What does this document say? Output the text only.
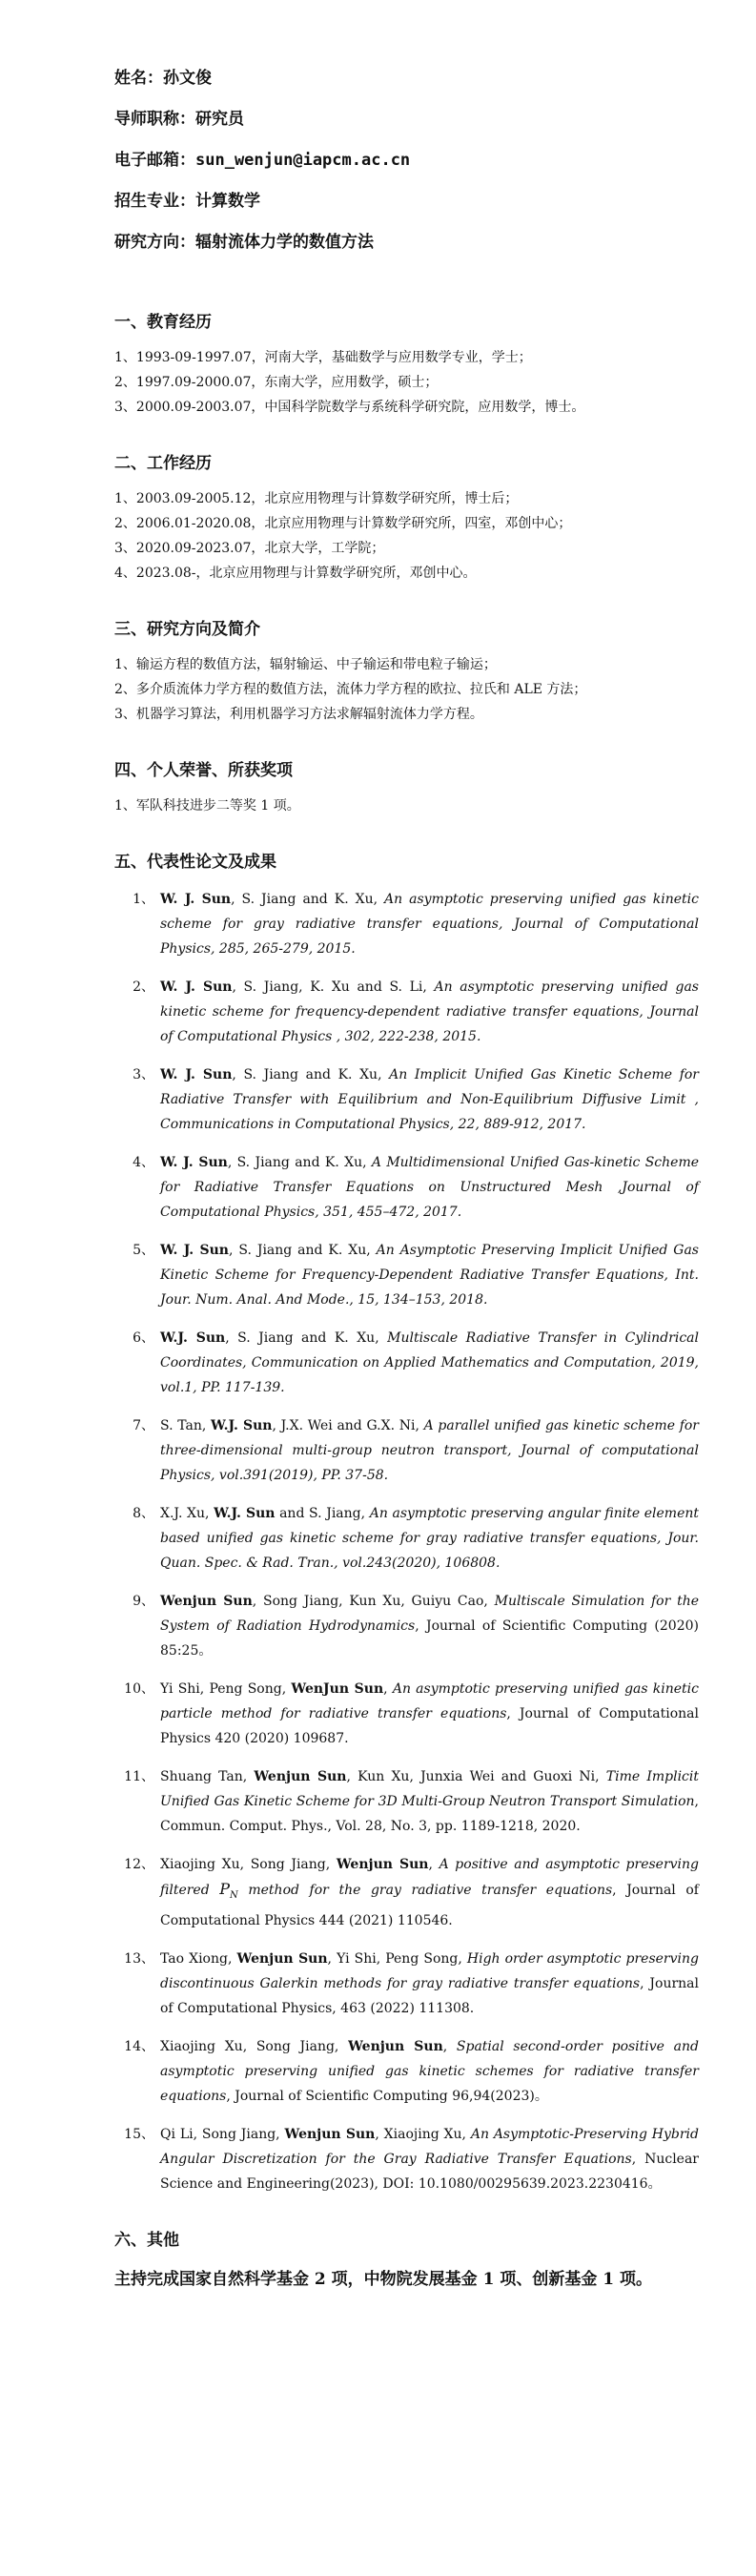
姓名：孙文俊
导师职称：研究员
电子邮箱：sun_wenjun@iapcm.ac.cn
招生专业：计算数学
研究方向：辐射流体力学的数值方法
一、教育经历
1、1993-09-1997.07，河南大学，基础数学与应用数学专业，学士；
2、1997.09-2000.07，东南大学，应用数学，硕士；
3、2000.09-2003.07，中国科学院数学与系统科学研究院，应用数学，博士。
二、工作经历
1、2003.09-2005.12，北京应用物理与计算数学研究所，博士后；
2、2006.01-2020.08，北京应用物理与计算数学研究所，四室，邓创中心；
3、2020.09-2023.07，北京大学，工学院；
4、2023.08-，北京应用物理与计算数学研究所，邓创中心。
三、研究方向及简介
1、输运方程的数值方法，辐射输运、中子输运和带电粒子输运；
2、多介质流体力学方程的数值方法，流体力学方程的欧拉、拉氏和 ALE 方法；
3、机器学习算法，利用机器学习方法求解辐射流体力学方程。
四、个人荣誉、所获奖项
1、军队科技进步二等奖 1 项。
五、代表性论文及成果
1、 W. J. Sun, S. Jiang and K. Xu, An asymptotic preserving unified gas kinetic scheme for gray radiative transfer equations, Journal of Computational Physics, 285, 265-279, 2015.
2、 W. J. Sun, S. Jiang, K. Xu and S. Li, An asymptotic preserving unified gas kinetic scheme for frequency-dependent radiative transfer equations, Journal of Computational Physics , 302, 222-238, 2015.
3、 W. J. Sun, S. Jiang and K. Xu, An Implicit Unified Gas Kinetic Scheme for Radiative Transfer with Equilibrium and Non-Equilibrium Diffusive Limit , Communications in Computational Physics, 22, 889-912, 2017.
4、 W. J. Sun, S. Jiang and K. Xu, A Multidimensional Unified Gas-kinetic Scheme for Radiative Transfer Equations on Unstructured Mesh ,Journal of Computational Physics, 351, 455–472, 2017.
5、 W. J. Sun, S. Jiang and K. Xu, An Asymptotic Preserving Implicit Unified Gas Kinetic Scheme for Frequency-Dependent Radiative Transfer Equations, Int. Jour. Num. Anal. And Mode., 15, 134–153, 2018.
6、 W.J. Sun, S. Jiang and K. Xu, Multiscale Radiative Transfer in Cylindrical Coordinates, Communication on Applied Mathematics and Computation, 2019, vol.1, PP. 117-139.
7、 S. Tan, W.J. Sun, J.X. Wei and G.X. Ni, A parallel unified gas kinetic scheme for three-dimensional multi-group neutron transport, Journal of computational Physics, vol.391(2019), PP. 37-58.
8、 X.J. Xu, W.J. Sun and S. Jiang, An asymptotic preserving angular finite element based unified gas kinetic scheme for gray radiative transfer equations, Jour. Quan. Spec. & Rad. Tran., vol.243(2020), 106808.
9、 Wenjun Sun, Song Jiang, Kun Xu, Guiyu Cao, Multiscale Simulation for the System of Radiation Hydrodynamics, Journal of Scientific Computing (2020) 85:25。
10、 Yi Shi, Peng Song, WenJun Sun, An asymptotic preserving unified gas kinetic particle method for radiative transfer equations, Journal of Computational Physics 420 (2020) 109687.
11、 Shuang Tan, Wenjun Sun, Kun Xu, Junxia Wei and Guoxi Ni, Time Implicit Unified Gas Kinetic Scheme for 3D Multi-Group Neutron Transport Simulation, Commun. Comput. Phys., Vol. 28, No. 3, pp. 1189-1218, 2020.
12、 Xiaojing Xu, Song Jiang, Wenjun Sun, A positive and asymptotic preserving filtered $P_N$ method for the gray radiative transfer equations, Journal of Computational Physics 444 (2021) 110546.
13、 Tao Xiong, Wenjun Sun, Yi Shi, Peng Song, High order asymptotic preserving discontinuous Galerkin methods for gray radiative transfer equations, Journal of Computational Physics, 463 (2022) 111308.
14、 Xiaojing Xu, Song Jiang, Wenjun Sun, Spatial second-order positive and asymptotic preserving unified gas kinetic schemes for radiative transfer equations, Journal of Scientific Computing 96,94(2023)。
15、 Qi Li, Song Jiang, Wenjun Sun, Xiaojing Xu, An Asymptotic-Preserving Hybrid Angular Discretization for the Gray Radiative Transfer Equations, Nuclear Science and Engineering(2023), DOI: 10.1080/00295639.2023.2230416。
六、其他
主持完成国家自然科学基金 2 项，中物院发展基金 1 项、创新基金 1 项。
